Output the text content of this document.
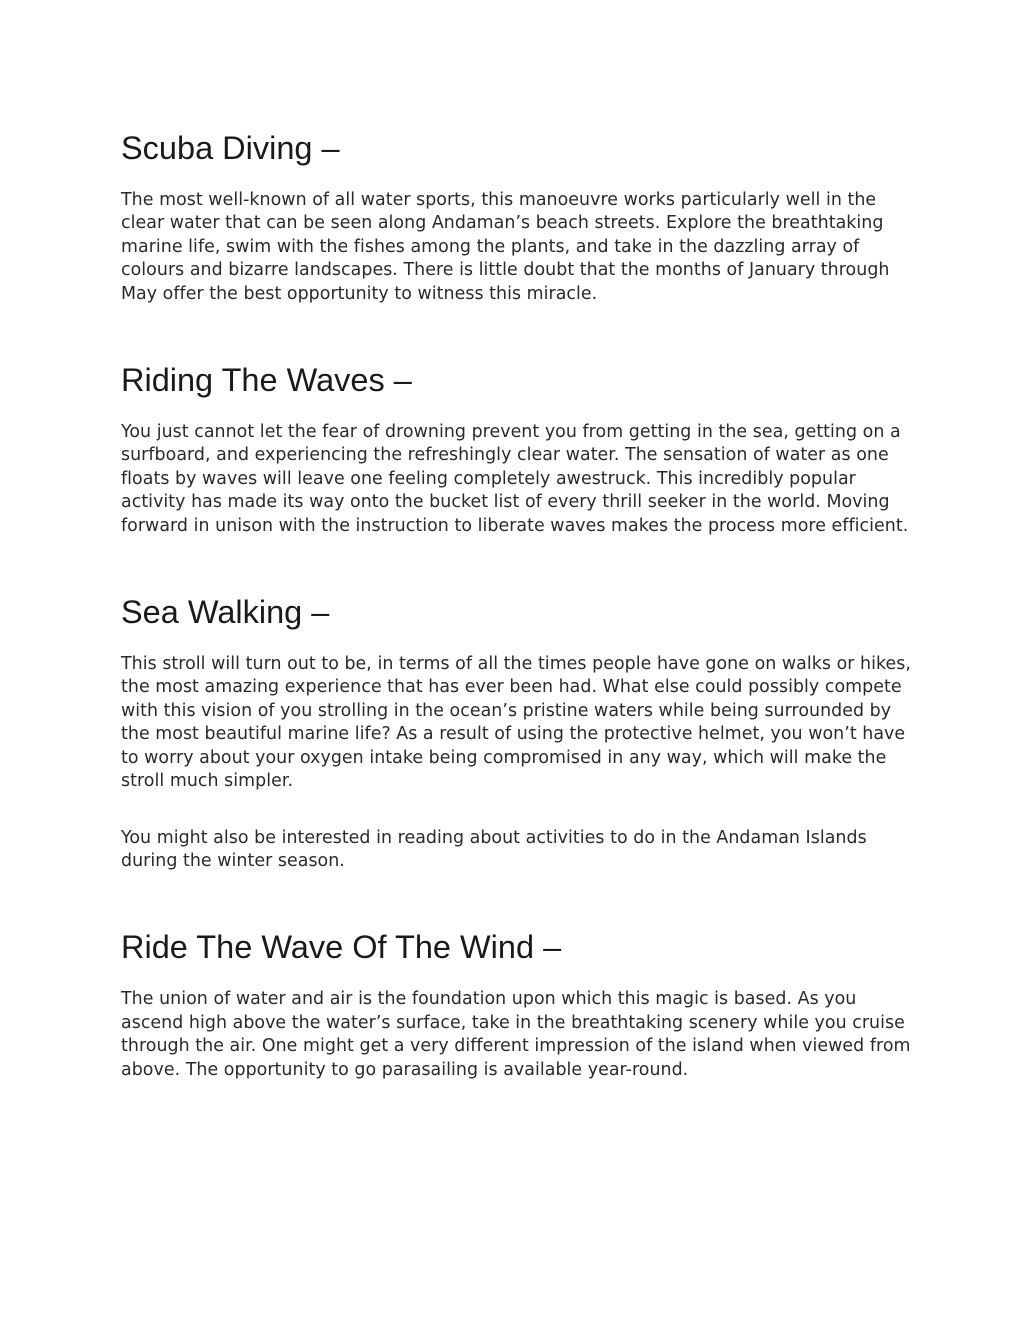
Scuba Diving –

The most well-known of all water sports, this manoeuvre works particularly well in the clear water that can be seen along Andaman’s beach streets. Explore the breathtaking marine life, swim with the fishes among the plants, and take in the dazzling array of colours and bizarre landscapes. There is little doubt that the months of January through May offer the best opportunity to witness this miracle.

Riding The Waves –

You just cannot let the fear of drowning prevent you from getting in the sea, getting on a surfboard, and experiencing the refreshingly clear water. The sensation of water as one floats by waves will leave one feeling completely awestruck. This incredibly popular activity has made its way onto the bucket list of every thrill seeker in the world. Moving forward in unison with the instruction to liberate waves makes the process more efficient.

Sea Walking –

This stroll will turn out to be, in terms of all the times people have gone on walks or hikes, the most amazing experience that has ever been had. What else could possibly compete with this vision of you strolling in the ocean’s pristine waters while being surrounded by the most beautiful marine life? As a result of using the protective helmet, you won’t have to worry about your oxygen intake being compromised in any way, which will make the stroll much simpler.

You might also be interested in reading about activities to do in the Andaman Islands during the winter season.

Ride The Wave Of The Wind –

The union of water and air is the foundation upon which this magic is based. As you ascend high above the water’s surface, take in the breathtaking scenery while you cruise through the air. One might get a very different impression of the island when viewed from above. The opportunity to go parasailing is available year-round.
